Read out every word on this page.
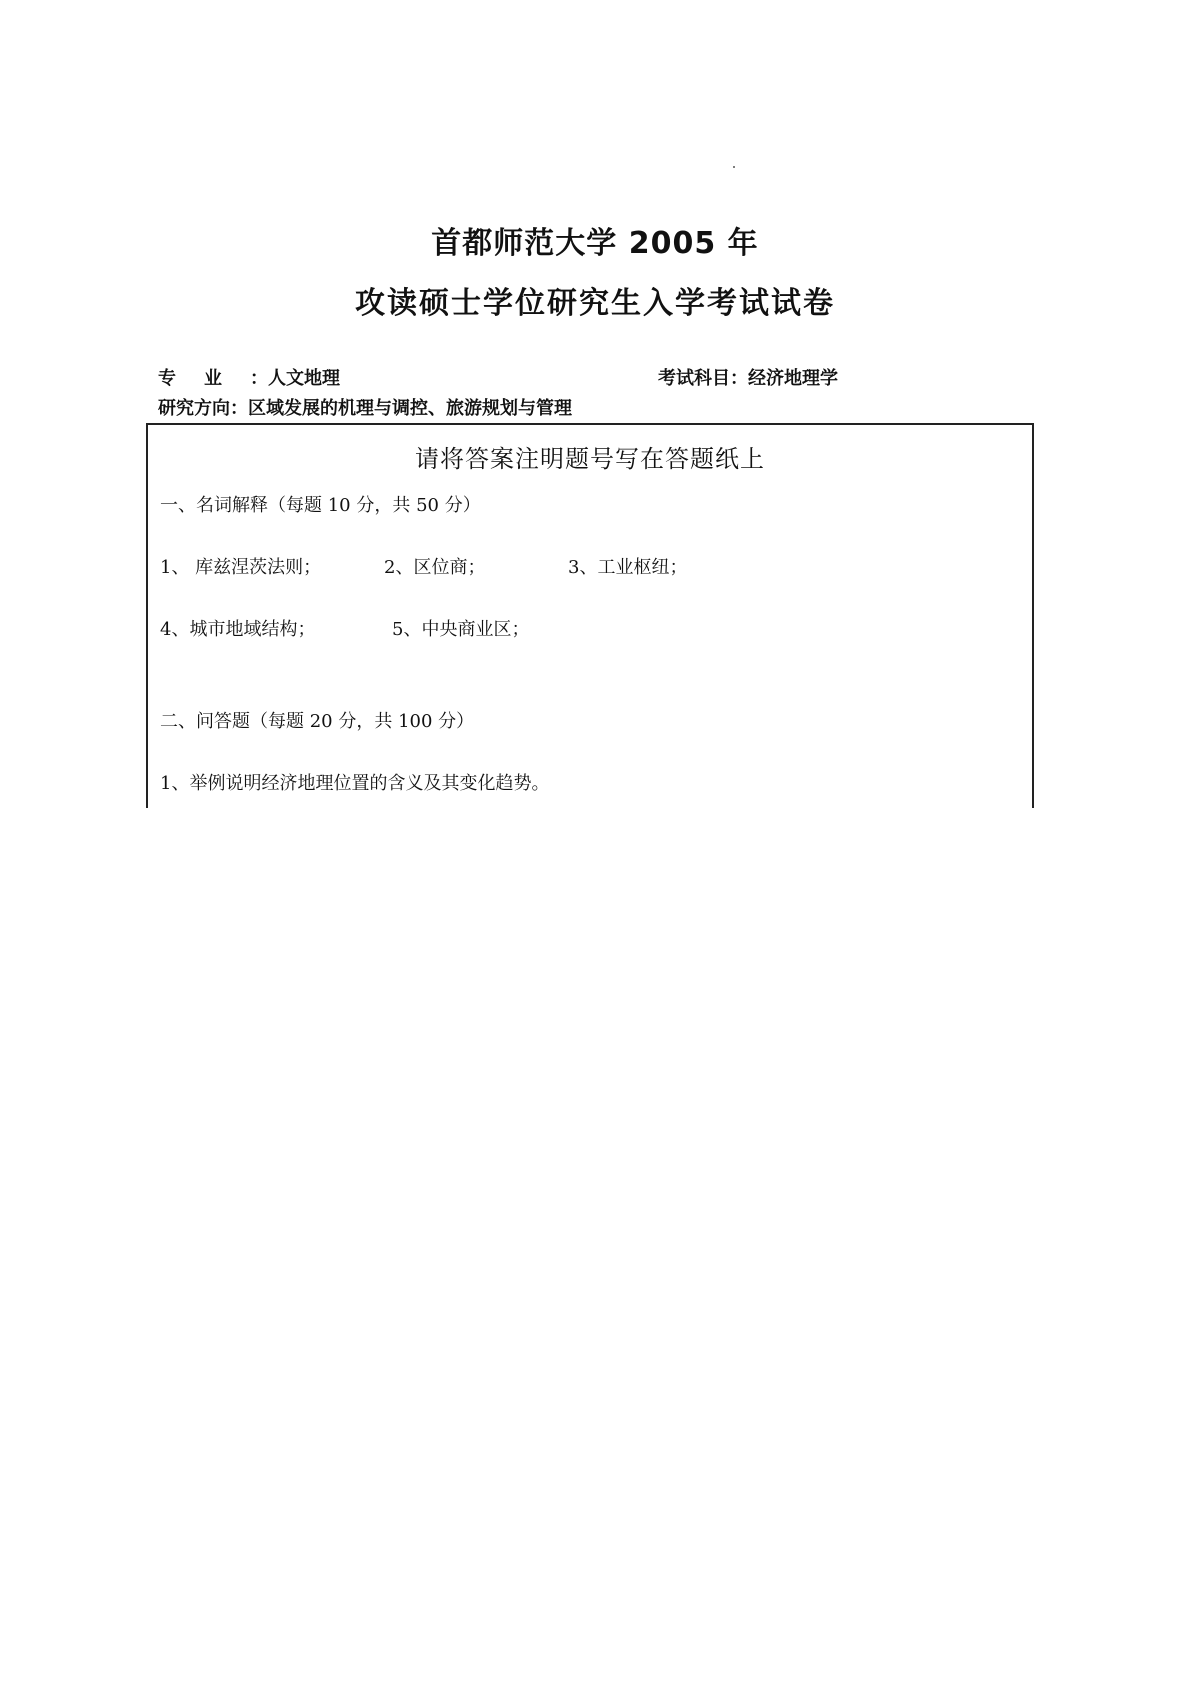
首都师范大学 2005 年
攻读硕士学位研究生入学考试试卷
专业：人文地理	考试科目：经济地理学
研究方向：区域发展的机理与调控、旅游规划与管理
请将答案注明题号写在答题纸上
一、名词解释（每题 10 分，共 50 分）
1、 库兹涅茨法则；	2、区位商；	3、工业枢纽；
4、城市地域结构；	5、中央商业区；
二、问答题（每题 20 分，共 100 分）
1、举例说明经济地理位置的含义及其变化趋势。
